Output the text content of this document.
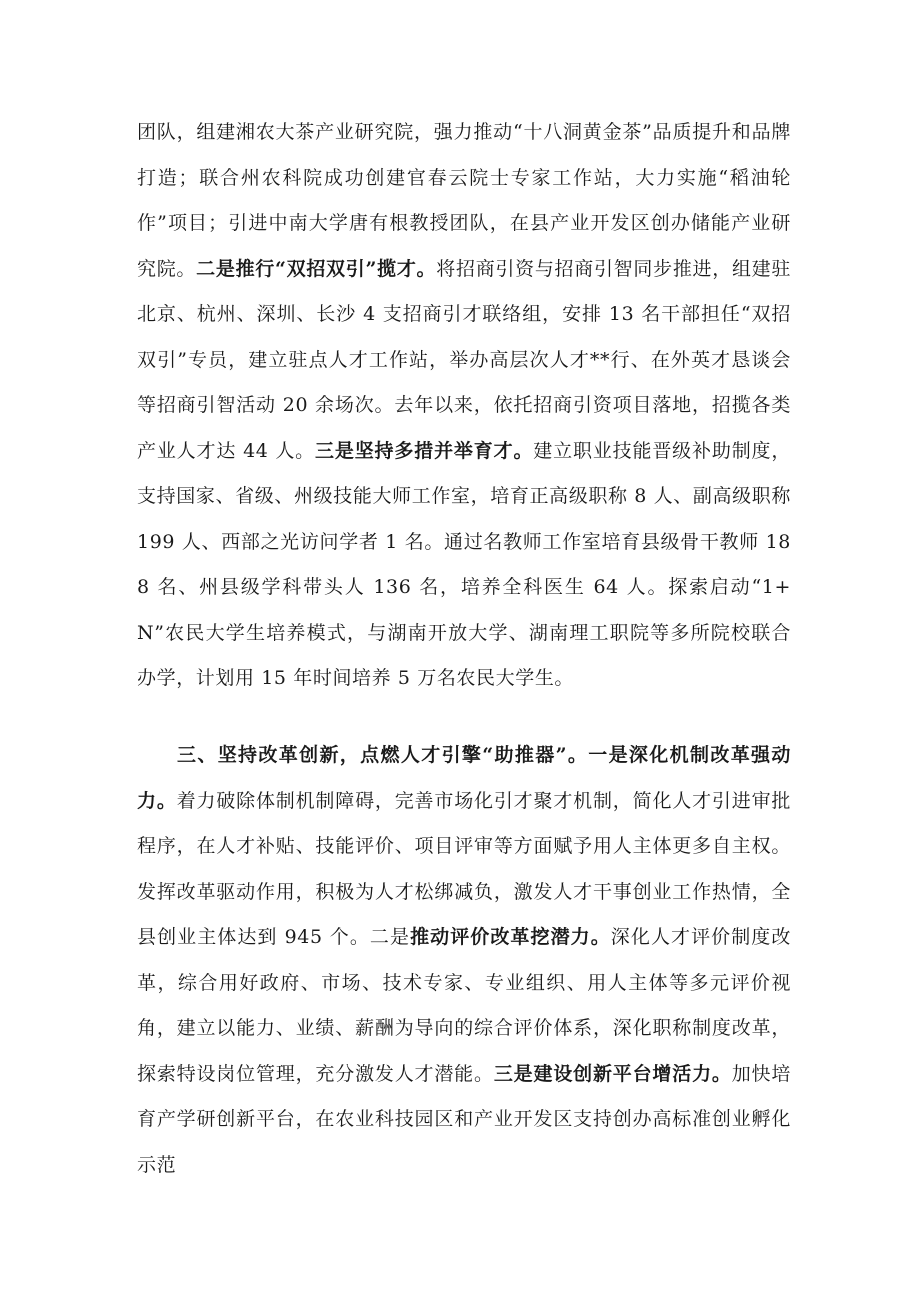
团队，组建湘农大茶产业研究院，强力推动“十八洞黄金茶”品质提升和品牌打造；联合州农科院成功创建官春云院士专家工作站，大力实施“稻油轮作”项目；引进中南大学唐有根教授团队，在县产业开发区创办储能产业研究院。二是推行“双招双引”揽才。将招商引资与招商引智同步推进，组建驻北京、杭州、深圳、长沙 4 支招商引才联络组，安排 13 名干部担任“双招双引”专员，建立驻点人才工作站，举办高层次人才**行、在外英才恳谈会等招商引智活动 20 余场次。去年以来，依托招商引资项目落地，招揽各类产业人才达 44 人。三是坚持多措并举育才。建立职业技能晋级补助制度，支持国家、省级、州级技能大师工作室，培育正高级职称 8 人、副高级职称 199 人、西部之光访问学者 1 名。通过名教师工作室培育县级骨干教师 188 名、州县级学科带头人 136 名，培养全科医生 64 人。探索启动“1+N”农民大学生培养模式，与湖南开放大学、湖南理工职院等多所院校联合办学，计划用 15 年时间培养 5 万名农民大学生。

三、坚持改革创新，点燃人才引擎“助推器”。一是深化机制改革强动力。着力破除体制机制障碍，完善市场化引才聚才机制，简化人才引进审批程序，在人才补贴、技能评价、项目评审等方面赋予用人主体更多自主权。发挥改革驱动作用，积极为人才松绑减负，激发人才干事创业工作热情，全县创业主体达到 945 个。二是推动评价改革挖潜力。深化人才评价制度改革，综合用好政府、市场、技术专家、专业组织、用人主体等多元评价视角，建立以能力、业绩、薪酬为导向的综合评价体系，深化职称制度改革，探索特设岗位管理，充分激发人才潜能。三是建设创新平台增活力。加快培育产学研创新平台，在农业科技园区和产业开发区支持创办高标准创业孵化示范
